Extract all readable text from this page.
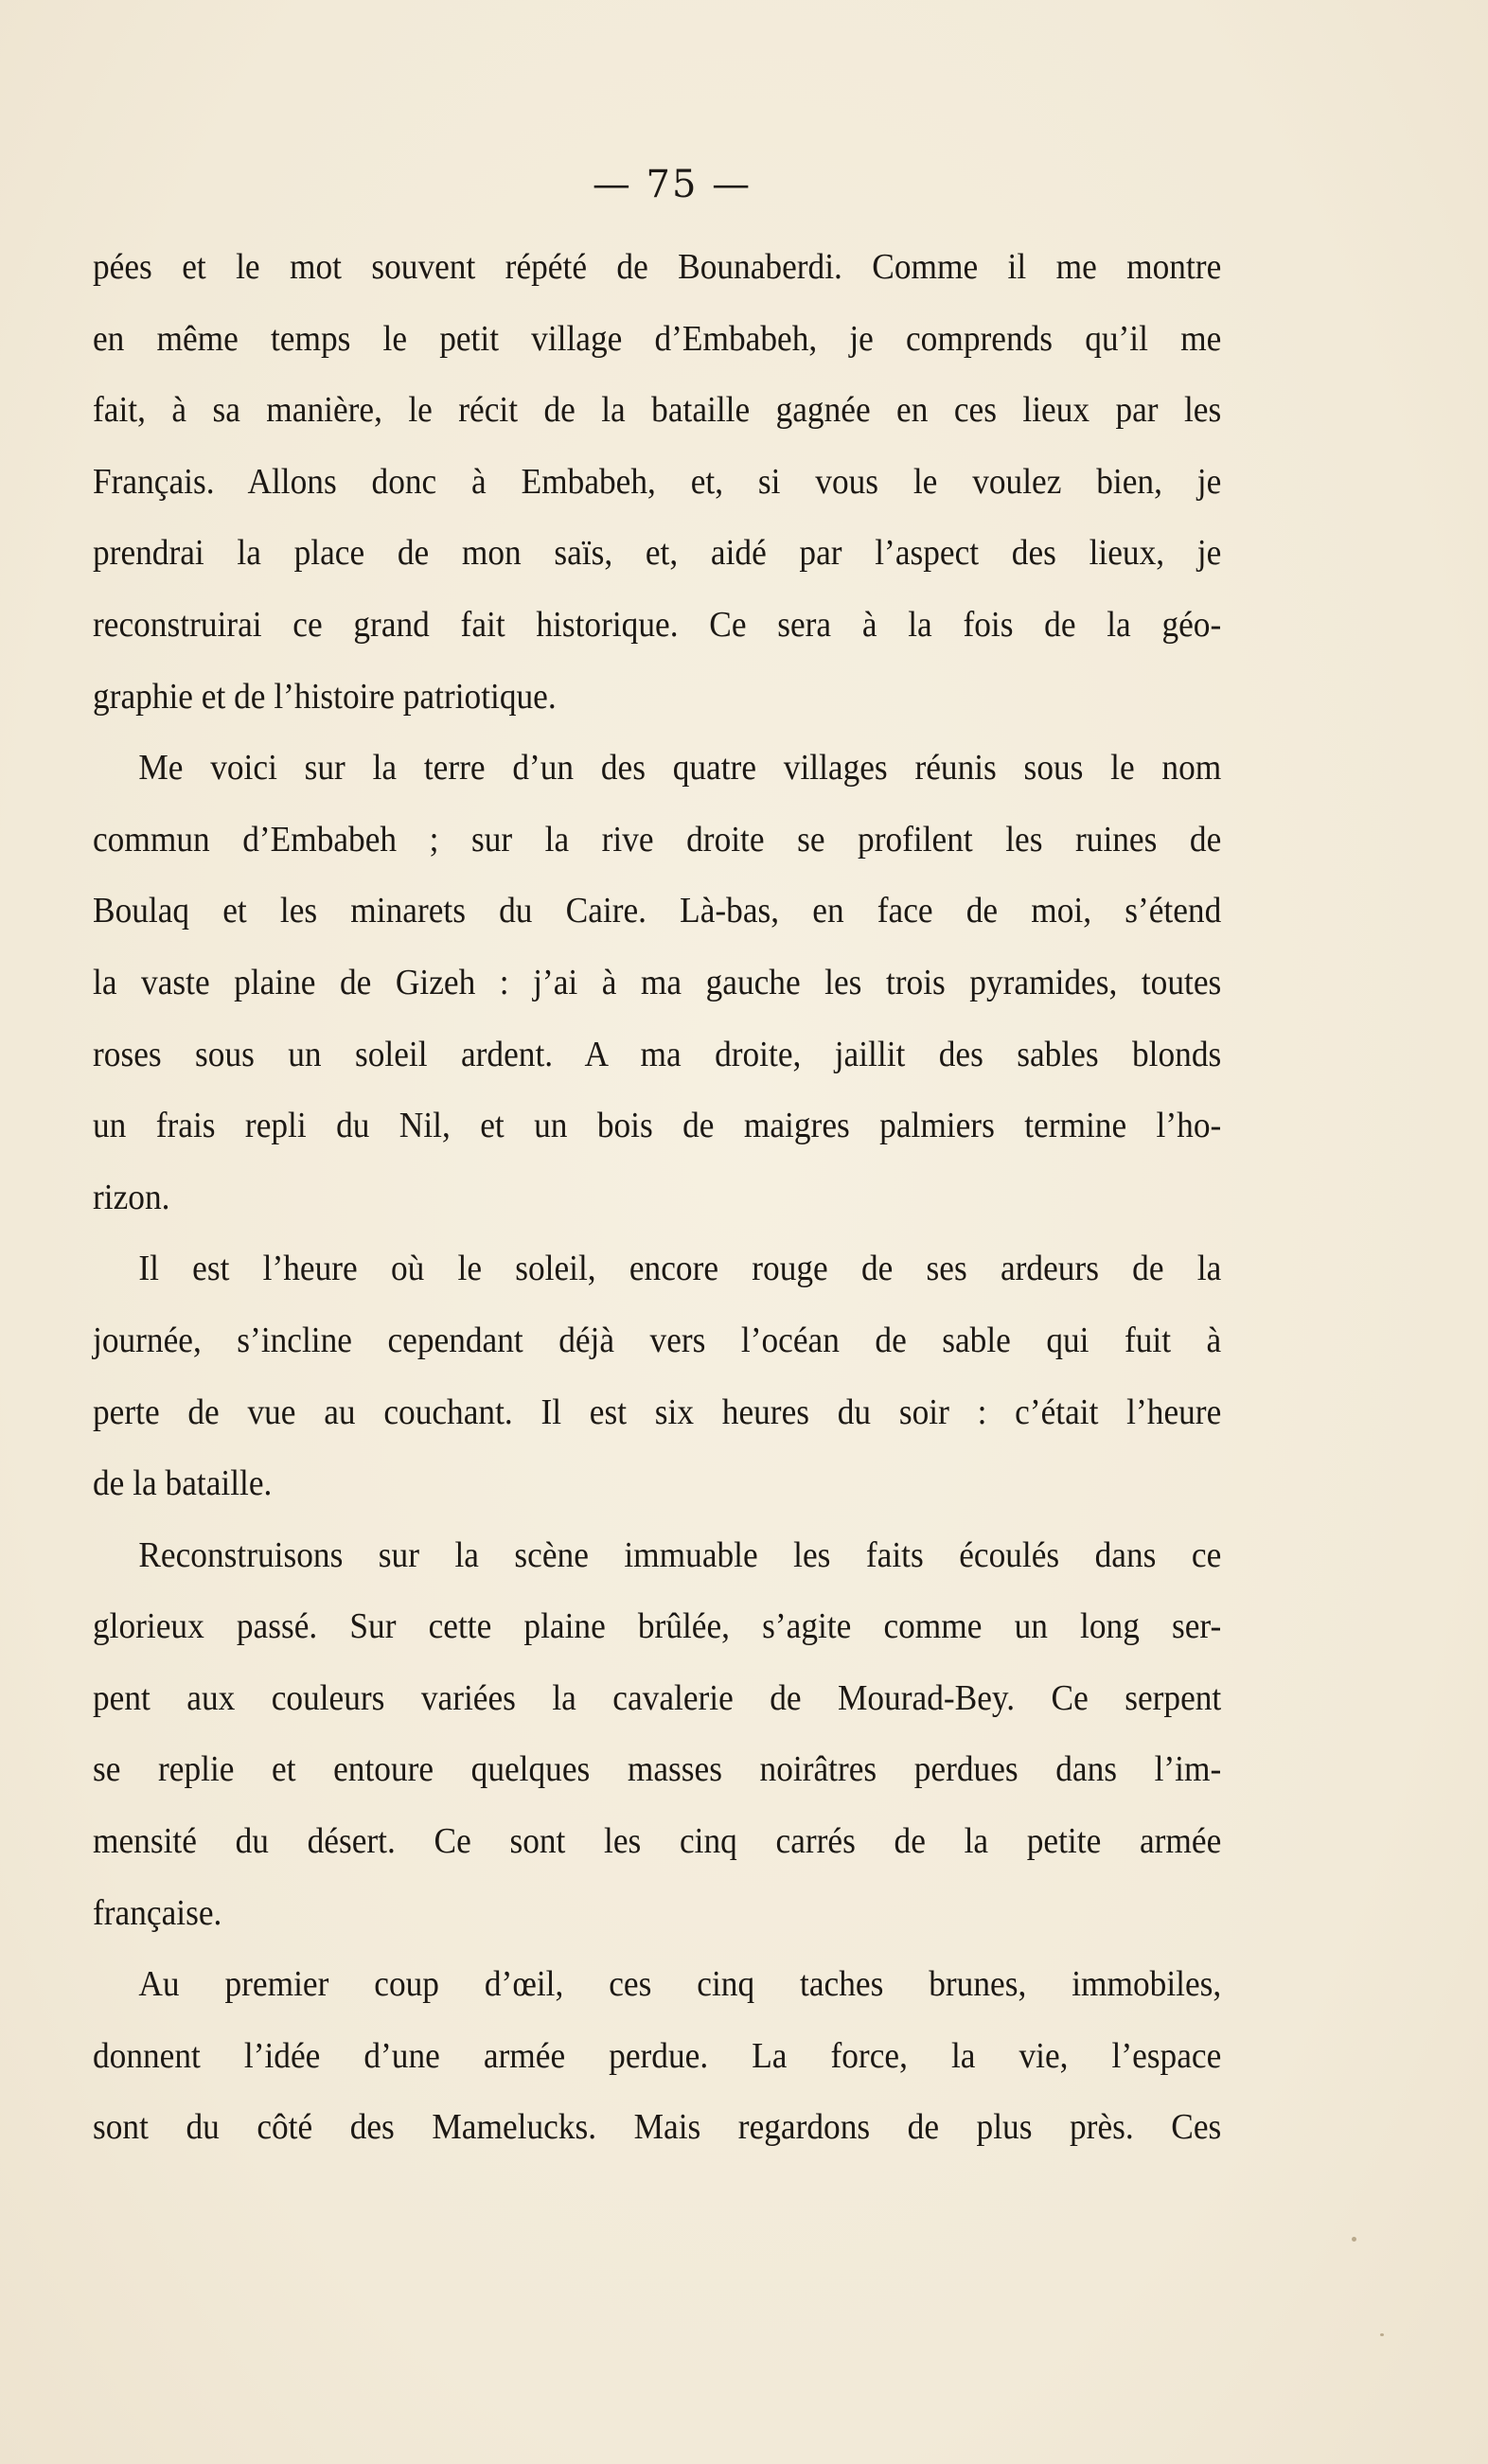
— 75 —
pées et le mot souvent répété de Bounaberdi. Comme il me montre
en même temps le petit village d’Embabeh, je comprends qu’il me
fait, à sa manière, le récit de la bataille gagnée en ces lieux par les
Français. Allons donc à Embabeh, et, si vous le voulez bien, je
prendrai la place de mon saïs, et, aidé par l’aspect des lieux, je
reconstruirai ce grand fait historique. Ce sera à la fois de la géo-
graphie et de l’histoire patriotique.
Me voici sur la terre d’un des quatre villages réunis sous le nom
commun d’Embabeh ; sur la rive droite se profilent les ruines de
Boulaq et les minarets du Caire. Là-bas, en face de moi, s’étend
la vaste plaine de Gizeh : j’ai à ma gauche les trois pyramides, toutes
roses sous un soleil ardent. A ma droite, jaillit des sables blonds
un frais repli du Nil, et un bois de maigres palmiers termine l’ho-
rizon.
Il est l’heure où le soleil, encore rouge de ses ardeurs de la
journée, s’incline cependant déjà vers l’océan de sable qui fuit à
perte de vue au couchant. Il est six heures du soir : c’était l’heure
de la bataille.
Reconstruisons sur la scène immuable les faits écoulés dans ce
glorieux passé. Sur cette plaine brûlée, s’agite comme un long ser-
pent aux couleurs variées la cavalerie de Mourad-Bey. Ce serpent
se replie et entoure quelques masses noirâtres perdues dans l’im-
mensité du désert. Ce sont les cinq carrés de la petite armée
française.
Au premier coup d’œil, ces cinq taches brunes, immobiles,
donnent l’idée d’une armée perdue. La force, la vie, l’espace
sont du côté des Mamelucks. Mais regardons de plus près. Ces
